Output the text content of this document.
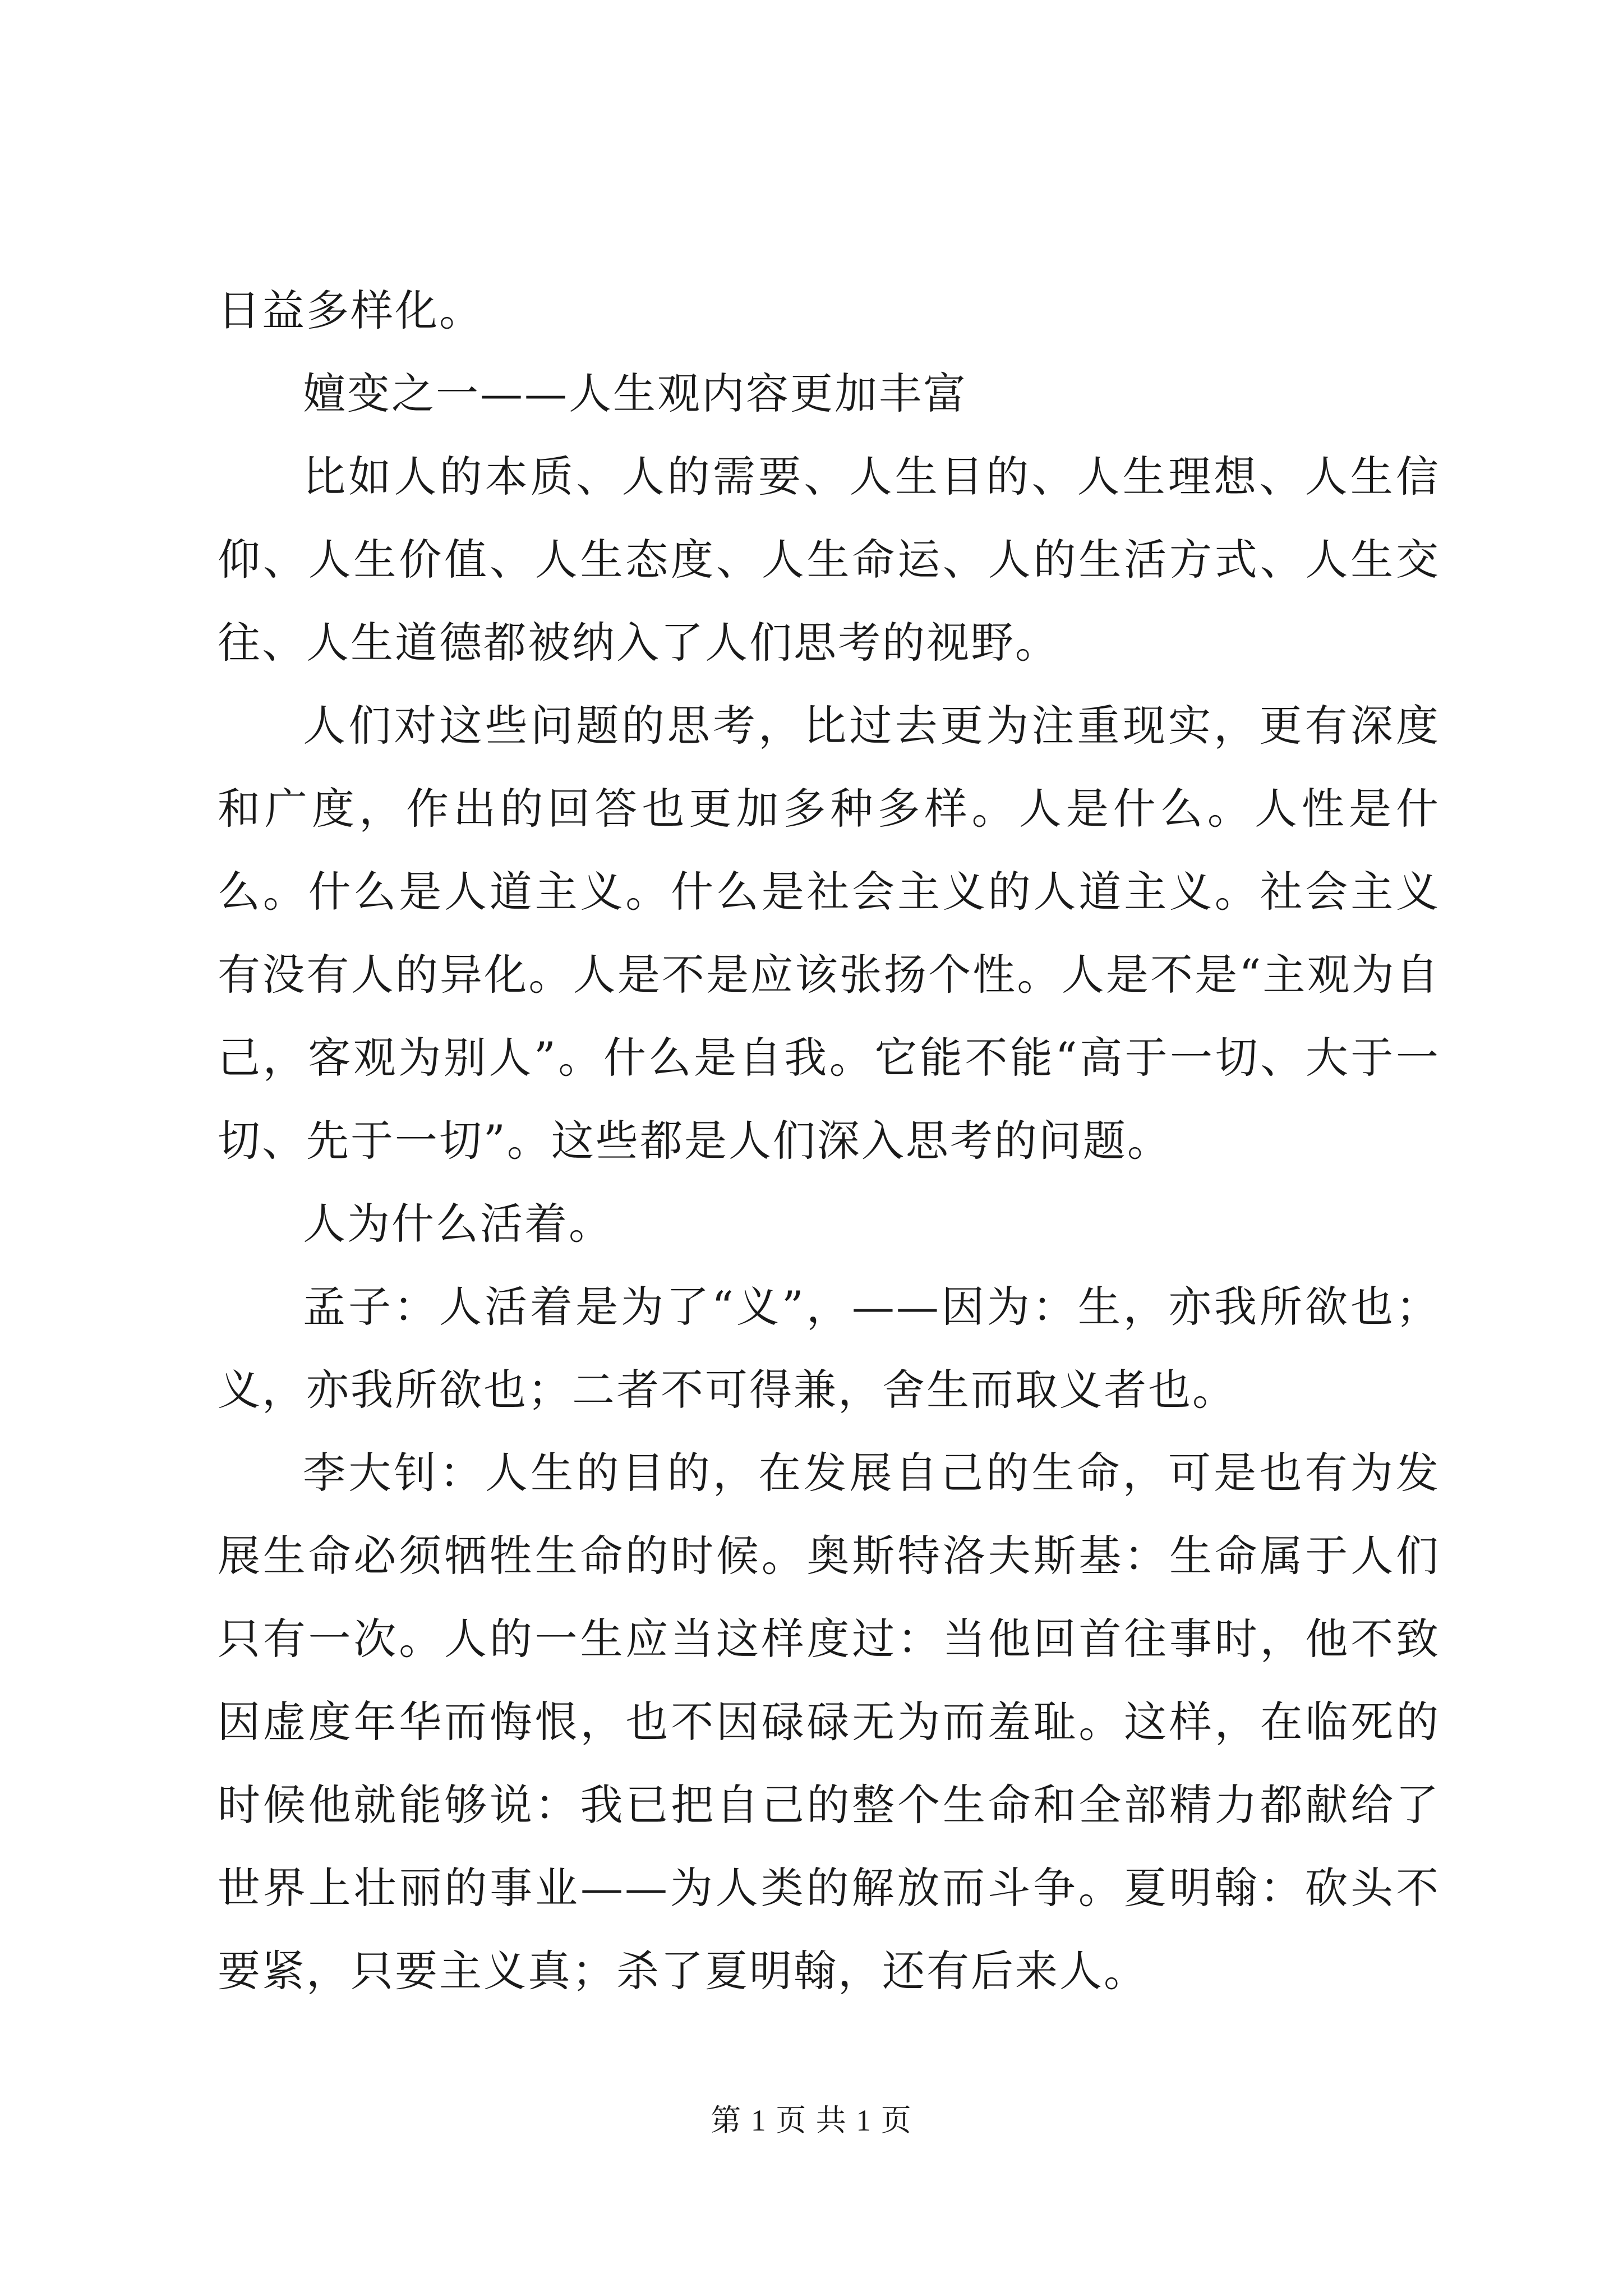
日益多样化。

嬗变之一——人生观内容更加丰富

比如人的本质、人的需要、人生目的、人生理想、人生信仰、人生价值、人生态度、人生命运、人的生活方式、人生交往、人生道德都被纳入了人们思考的视野。

人们对这些问题的思考，比过去更为注重现实，更有深度和广度，作出的回答也更加多种多样。人是什么。人性是什么。什么是人道主义。什么是社会主义的人道主义。社会主义有没有人的异化。人是不是应该张扬个性。人是不是“主观为自己，客观为别人”。什么是自我。它能不能“高于一切、大于一切、先于一切”。这些都是人们深入思考的问题。

人为什么活着。

孟子：人活着是为了“义”，——因为：生，亦我所欲也；义，亦我所欲也；二者不可得兼，舍生而取义者也。

李大钊：人生的目的，在发展自己的生命，可是也有为发展生命必须牺牲生命的时候。奥斯特洛夫斯基：生命属于人们只有一次。人的一生应当这样度过：当他回首往事时，他不致因虚度年华而悔恨，也不因碌碌无为而羞耻。这样，在临死的时候他就能够说：我已把自己的整个生命和全部精力都献给了世界上壮丽的事业——为人类的解放而斗争。夏明翰：砍头不要紧，只要主义真；杀了夏明翰，还有后来人。

第 1 页 共 1 页
